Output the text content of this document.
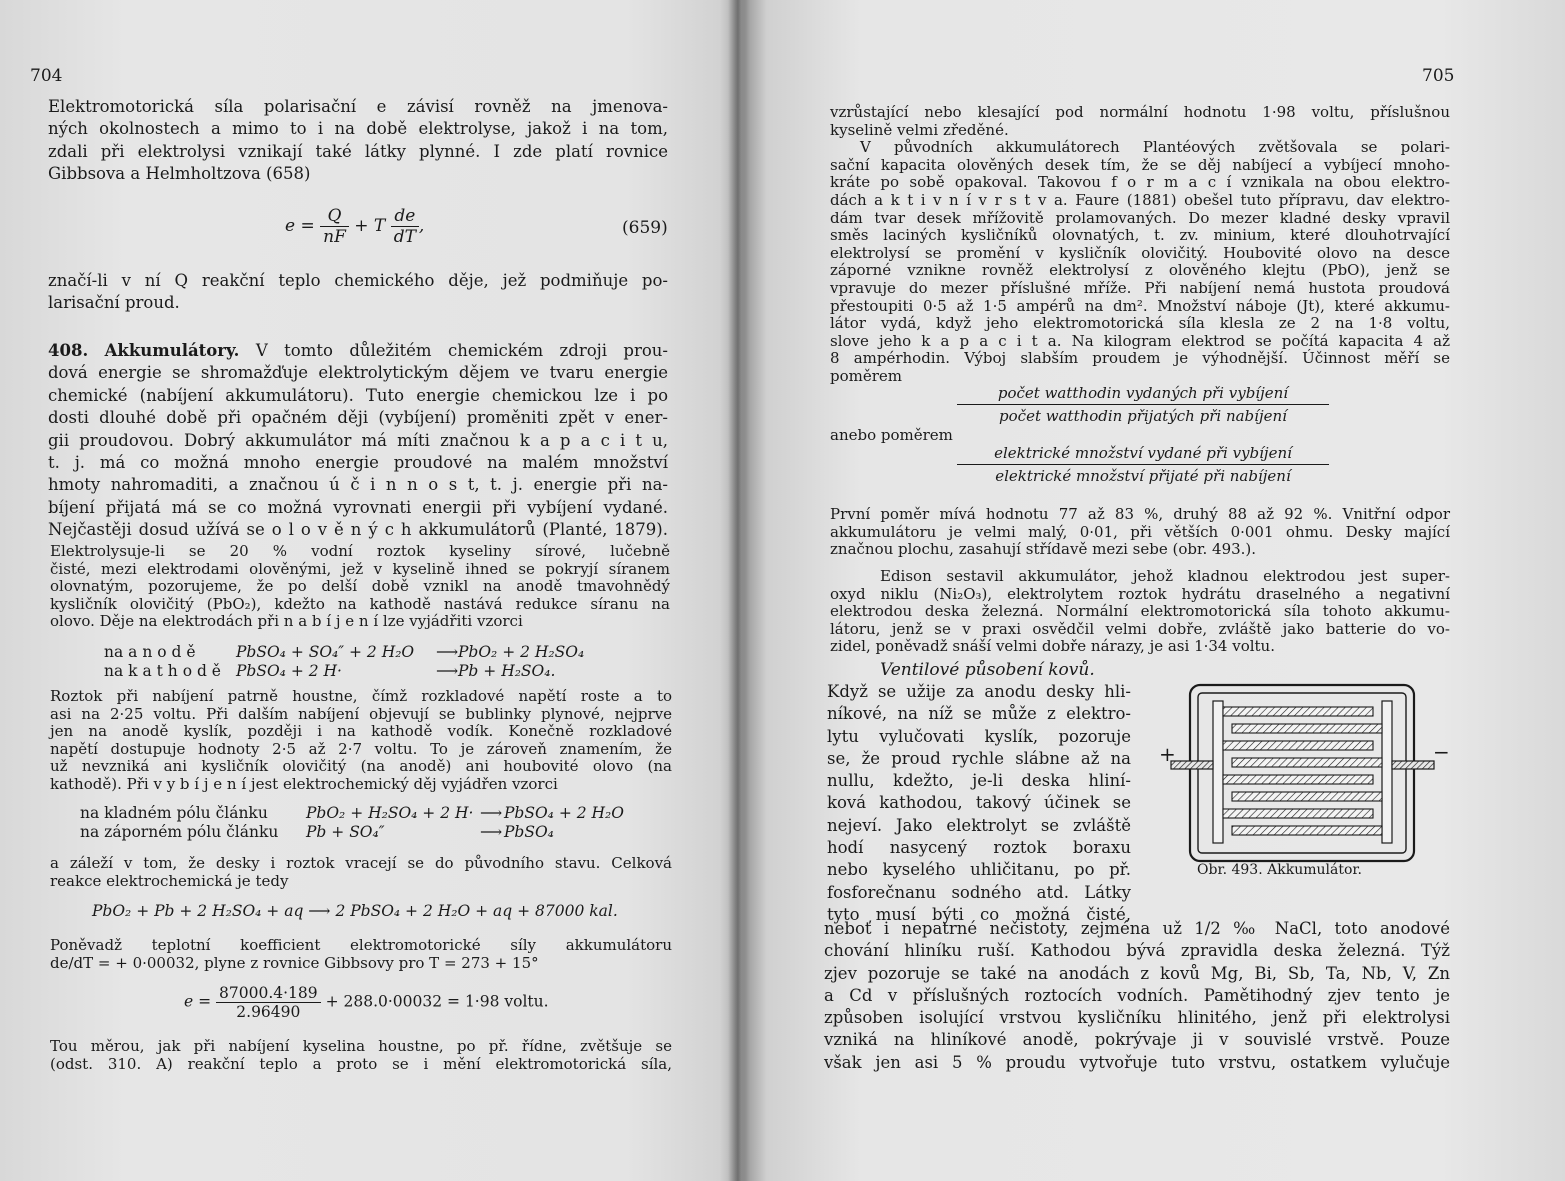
704
Elektromotorická síla polarisační e závisí rovněž na jmenova-
ných okolnostech a mimo to i na době elektrolyse, jakož i na tom,
zdali při elektrolysi vznikají také látky plynné. I zde platí rovnice
Gibbsova a Helmholtzova (658)
$e = \frac{Q}{nF} + T \frac{de}{dT}$ ,	(659)
značí-li v ní Q reakční teplo chemického děje, jež podmiňuje po-
larisační proud.
408. Akkumulátory. V tomto důležitém chemickém zdroji prou-
dová energie se shromažďuje elektrolytickým dějem ve tvaru energie
chemické (nabíjení akkumulátoru). Tuto energie chemickou lze i po
dosti dlouhé době při opačném ději (vybíjení) proměniti zpět v ener-
gii proudovou. Dobrý akkumulátor má míti značnou k a p a c i t u,
t. j. má co možná mnoho energie proudové na malém množství
hmoty nahromaditi, a značnou ú č i n n o s t, t. j. energie při na-
bíjení přijatá má se co možná vyrovnati energii při vybíjení vydané.
Nejčastěji dosud užívá se o l o v ě n ý c h akkumulátorů (Planté, 1879).
Elektrolysuje-li se 20 % vodní roztok kyseliny sírové, lučebně
čisté, mezi elektrodami olověnými, jež v kyselině ihned se pokryjí síranem
olovnatým, pozorujeme, že po delší době vznikl na anodě tmavohnědý
kysličník olovičitý (PbO₂), kdežto na kathodě nastává redukce síranu na
olovo. Děje na elektrodách při n a b í j e n í lze vyjádřiti vzorci
na a n o d ě	PbSO₄ + SO₄″ + 2 H₂O ⟶PbO₂ + 2 H₂SO₄
na k a t h o d ě PbSO₄ + 2 H·	⟶Pb + H₂SO₄.
Roztok při nabíjení patrně houstne, čímž rozkladové napětí roste a to
asi na 2·25 voltu. Při dalším nabíjení objevují se bublinky plynové, nejprve
jen na anodě kyslík, později i na kathodě vodík. Konečně rozkladové
napětí dostupuje hodnoty 2·5 až 2·7 voltu. To je zároveň znamením, že
už nevzniká ani kysličník olovičitý (na anodě) ani houbovité olovo (na
kathodě). Při v y b í j e n í jest elektrochemický děj vyjádřen vzorci
na kladném pólu článku PbO₂ + H₂SO₄ + 2 H· ⟶ PbSO₄ + 2 H₂O
na záporném pólu článku Pb + SO₄″	⟶ PbSO₄
a záleží v tom, že desky i roztok vracejí se do původního stavu. Celková
reakce elektrochemická je tedy
PbO₂ + Pb + 2 H₂SO₄ + aq ⟶ 2 PbSO₄ + 2 H₂O + aq + 87000 kal.
Poněvadž teplotní koefficient elektromotorické síly akkumulátoru
de/dT = + 0·00032, plyne z rovnice Gibbsovy pro T = 273 + 15°
$e = \frac{87000.4\cdot 189}{2.96490} + 288.0\cdot 00032 = 1\cdot 98$ voltu.
Tou měrou, jak při nabíjení kyselina houstne, po př. řídne, zvětšuje se
(odst. 310. A) reakční teplo a proto se i mění elektromotorická síla,
705
vzrůstající nebo klesající pod normální hodnotu 1·98 voltu, příslušnou
kyselině velmi zředěné.
V původních akkumulátorech Plantéových zvětšovala se polari-
sační kapacita olověných desek tím, že se děj nabíjecí a vybíjecí mnoho-
kráte po sobě opakoval. Takovou f o r m a c í vznikala na obou elektro-
dách a k t i v n í v r s t v a. Faure (1881) obešel tuto přípravu, dav elektro-
dám tvar desek mřížovitě prolamovaných. Do mezer kladné desky vpravil
směs laciných kysličníků olovnatých, t. zv. minium, které dlouhotrvající
elektrolysí se promění v kysličník olovičitý. Houbovité olovo na desce
záporné vznikne rovněž elektrolysí z olověného klejtu (PbO), jenž se
vpravuje do mezer příslušné mříže. Při nabíjení nemá hustota proudová
přestoupiti 0·5 až 1·5 ampérů na dm². Množství náboje (Jt), které akkumu-
látor vydá, když jeho elektromotorická síla klesla ze 2 na 1·8 voltu,
slove jeho k a p a c i t a. Na kilogram elektrod se počítá kapacita 4 až
8 ampérhodin. Výboj slabším proudem je výhodnější. Účinnost měří se
poměrem
počet watthodin vydaných při vybíjení
počet watthodin přijatých při nabíjení
anebo poměrem
elektrické množství vydané při vybíjení
elektrické množství přijaté při nabíjení
První poměr mívá hodnotu 77 až 83 %, druhý 88 až 92 %. Vnitřní odpor
akkumulátoru je velmi malý, 0·01, při větších 0·001 ohmu. Desky mající
značnou plochu, zasahují střídavě mezi sebe (obr. 493.).
Edison sestavil akkumulátor, jehož kladnou elektrodou jest super-
oxyd niklu (Ni₂O₃), elektrolytem roztok hydrátu draselného a negativní
elektrodou deska železná. Normální elektromotorická síla tohoto akkumu-
látoru, jenž se v praxi osvědčil velmi dobře, zvláště jako batterie do vo-
zidel, poněvadž snáší velmi dobře nárazy, je asi 1·34 voltu.
Ventilové působení kovů.
Když se užije za anodu desky hli-
níkové, na níž se může z elektro-
lytu vylučovati kyslík, pozoruje
se, že proud rychle slábne až na
nullu, kdežto, je-li deska hliní-
ková kathodou, takový účinek se
nejeví. Jako elektrolyt se zvláště
hodí nasycený roztok boraxu
nebo kyselého uhličitanu, po př.
fosforečnanu sodného atd. Látky
tyto musí býti co možná čisté,
+	−
Obr. 493. Akkumulátor.
neboť i nepatrné nečistoty, zejména už 1/2 ‰ NaCl, toto anodové
chování hliníku ruší. Kathodou bývá zpravidla deska železná. Týž
zjev pozoruje se také na anodách z kovů Mg, Bi, Sb, Ta, Nb, V, Zn
a Cd v příslušných roztocích vodních. Pamětihodný zjev tento je
způsoben isolující vrstvou kysličníku hlinitého, jenž při elektrolysi
vzniká na hliníkové anodě, pokrývaje ji v souvislé vrstvě. Pouze
však jen asi 5 % proudu vytvořuje tuto vrstvu, ostatkem vylučuje
